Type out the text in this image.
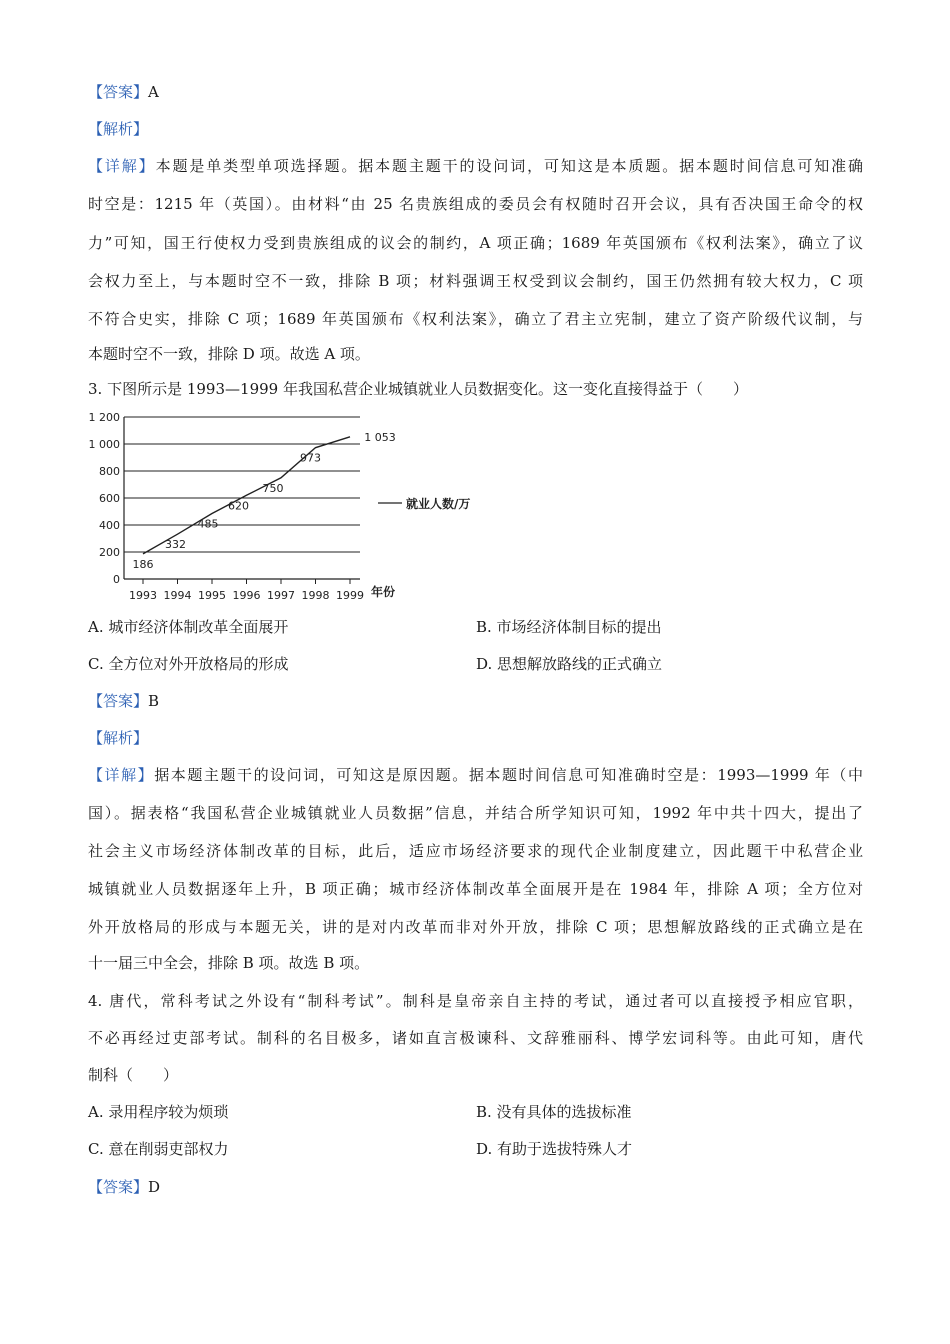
【答案】A
【解析】
【详解】本题是单类型单项选择题。据本题主题干的设问词，可知这是本质题。据本题时间信息可知准确
时空是：1215 年（英国）。由材料“由 25 名贵族组成的委员会有权随时召开会议，具有否决国王命令的权
力”可知，国王行使权力受到贵族组成的议会的制约，A 项正确；1689 年英国颁布《权利法案》，确立了议
会权力至上，与本题时空不一致，排除 B 项；材料强调王权受到议会制约，国王仍然拥有较大权力，C 项
不符合史实，排除 C 项；1689 年英国颁布《权利法案》，确立了君主立宪制，建立了资产阶级代议制，与
本题时空不一致，排除 D 项。故选 A 项。
3. 下图所示是 1993—1999 年我国私营企业城镇就业人员数据变化。这一变化直接得益于（　　）
0
200
400
600
800
1 000
1 200
1993 1994 1995 1996 1997 1998 1999
186
332
485
620
750
973
1 053
就业人数/万
年份
A. 城市经济体制改革全面展开	B. 市场经济体制目标的提出
C. 全方位对外开放格局的形成	D. 思想解放路线的正式确立
【答案】B
【解析】
【详解】据本题主题干的设问词，可知这是原因题。据本题时间信息可知准确时空是：1993—1999 年（中
国）。据表格“我国私营企业城镇就业人员数据”信息，并结合所学知识可知，1992 年中共十四大，提出了
社会主义市场经济体制改革的目标，此后，适应市场经济要求的现代企业制度建立，因此题干中私营企业
城镇就业人员数据逐年上升，B 项正确；城市经济体制改革全面展开是在 1984 年，排除 A 项；全方位对
外开放格局的形成与本题无关，讲的是对内改革而非对外开放，排除 C 项；思想解放路线的正式确立是在
十一届三中全会，排除 B 项。故选 B 项。
4. 唐代，常科考试之外设有“制科考试”。制科是皇帝亲自主持的考试，通过者可以直接授予相应官职，
不必再经过吏部考试。制科的名目极多，诸如直言极谏科、文辞雅丽科、博学宏词科等。由此可知，唐代
制科（　　）
A. 录用程序较为烦琐	B. 没有具体的选拔标准
C. 意在削弱吏部权力	D. 有助于选拔特殊人才
【答案】D
